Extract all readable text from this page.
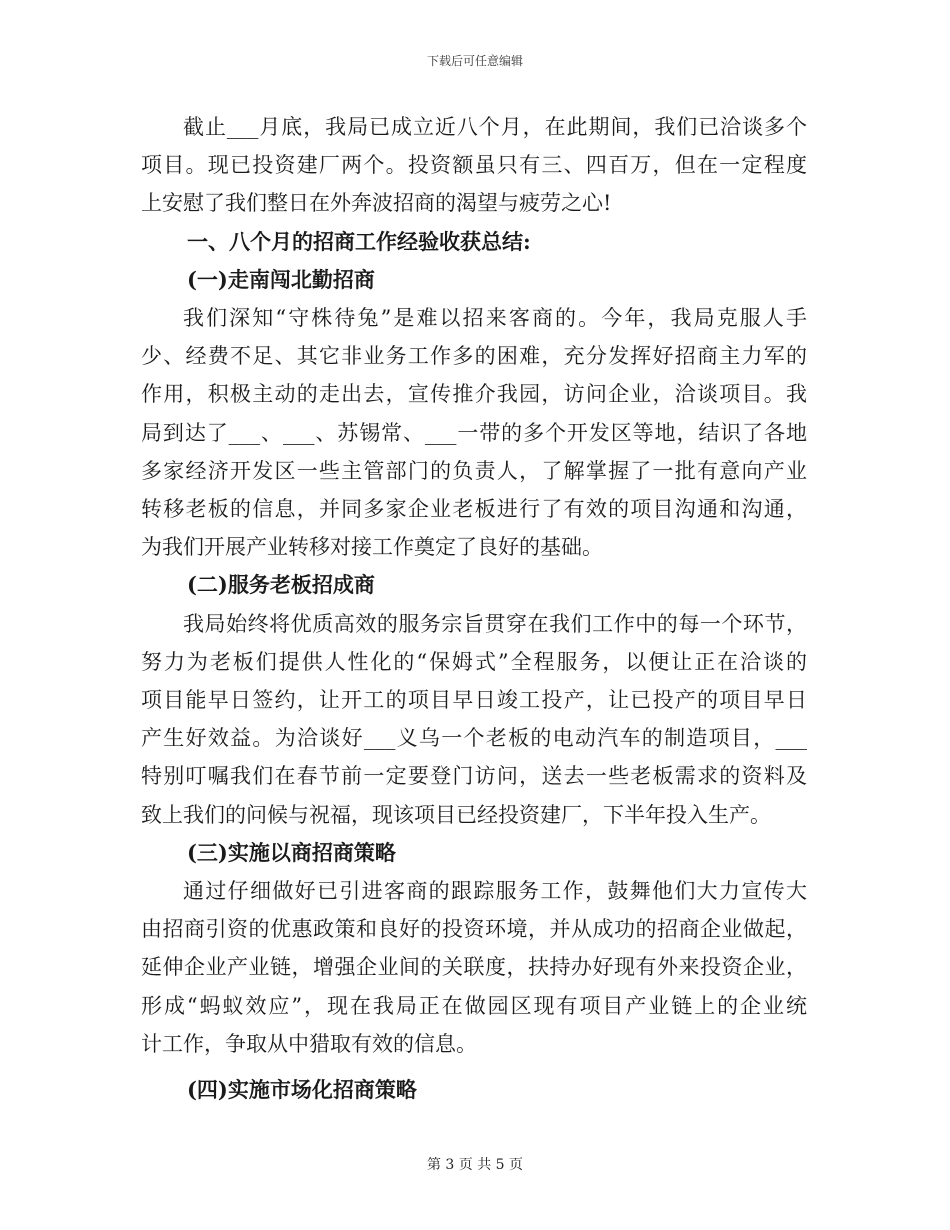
下载后可任意编辑
截止___月底，我局已成立近八个月，在此期间，我们已洽谈多个
项目。现已投资建厂两个。投资额虽只有三、四百万，但在一定程度
上安慰了我们整日在外奔波招商的渴望与疲劳之心!
一、八个月的招商工作经验收获总结:
(一)走南闯北勤招商
我们深知“守株待兔”是难以招来客商的。今年，我局克服人手
少、经费不足、其它非业务工作多的困难，充分发挥好招商主力军的
作用，积极主动的走出去，宣传推介我园，访问企业，洽谈项目。我
局到达了___、___、苏锡常、___一带的多个开发区等地，结识了各地
多家经济开发区一些主管部门的负责人，了解掌握了一批有意向产业
转移老板的信息，并同多家企业老板进行了有效的项目沟通和沟通，
为我们开展产业转移对接工作奠定了良好的基础。
(二)服务老板招成商
我局始终将优质高效的服务宗旨贯穿在我们工作中的每一个环节，
努力为老板们提供人性化的“保姆式”全程服务，以便让正在洽谈的
项目能早日签约，让开工的项目早日竣工投产，让已投产的项目早日
产生好效益。为洽谈好___义乌一个老板的电动汽车的制造项目，___
特别叮嘱我们在春节前一定要登门访问，送去一些老板需求的资料及
致上我们的问候与祝福，现该项目已经投资建厂，下半年投入生产。
(三)实施以商招商策略
通过仔细做好已引进客商的跟踪服务工作，鼓舞他们大力宣传大
由招商引资的优惠政策和良好的投资环境，并从成功的招商企业做起，
延伸企业产业链，增强企业间的关联度，扶持办好现有外来投资企业，
形成“蚂蚁效应”，现在我局正在做园区现有项目产业链上的企业统
计工作，争取从中猎取有效的信息。
(四)实施市场化招商策略
第 3 页 共 5 页
